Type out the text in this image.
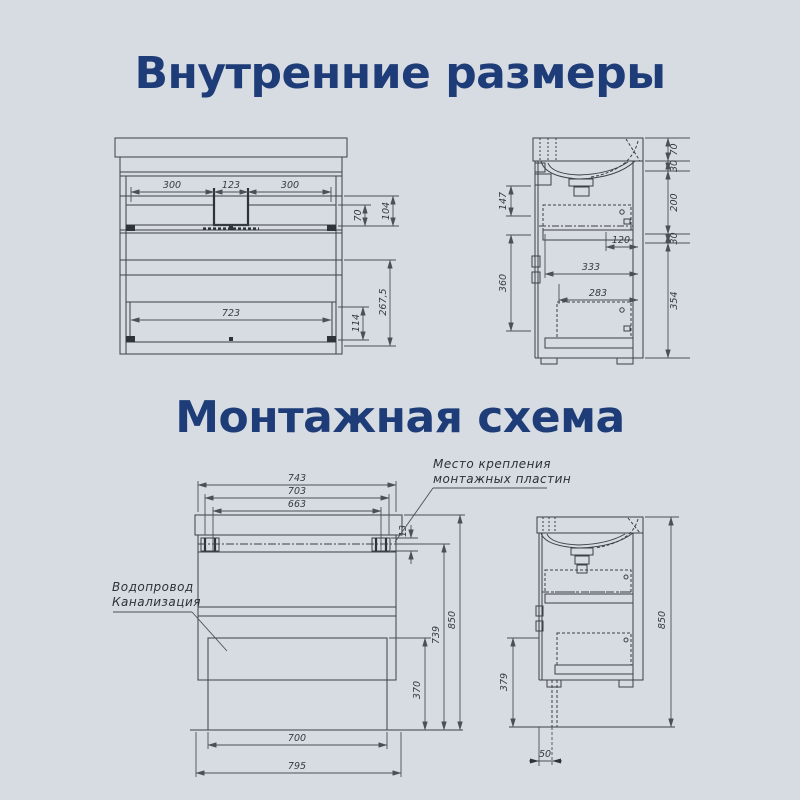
Внутренние размеры
Монтажная схема
300	123	300
70 104
723
114
267,5
147
360
70
30
200
30
354
120
333
283
743
703
663
13
739
850
370
700
795
Место крепления
монтажных пластин
Водопровод
Канализация
850
379
50
